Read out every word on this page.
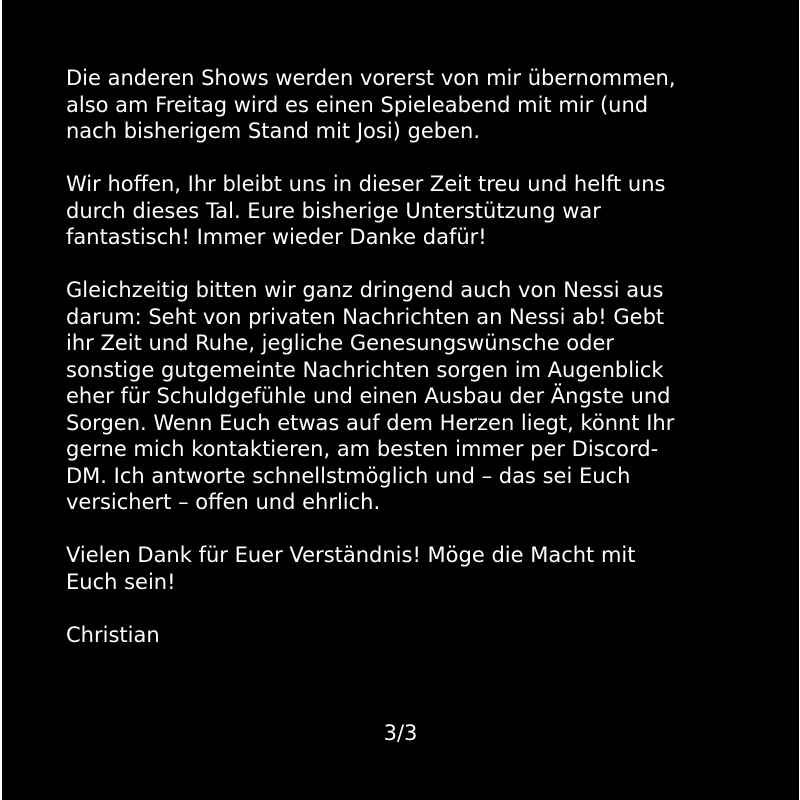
Die anderen Shows werden vorerst von mir übernommen,
also am Freitag wird es einen Spieleabend mit mir (und
nach bisherigem Stand mit Josi) geben.
Wir hoffen, Ihr bleibt uns in dieser Zeit treu und helft uns
durch dieses Tal. Eure bisherige Unterstützung war
fantastisch! Immer wieder Danke dafür!
Gleichzeitig bitten wir ganz dringend auch von Nessi aus
darum: Seht von privaten Nachrichten an Nessi ab! Gebt
ihr Zeit und Ruhe, jegliche Genesungswünsche oder
sonstige gutgemeinte Nachrichten sorgen im Augenblick
eher für Schuldgefühle und einen Ausbau der Ängste und
Sorgen. Wenn Euch etwas auf dem Herzen liegt, könnt Ihr
gerne mich kontaktieren, am besten immer per Discord-
DM. Ich antworte schnellstmöglich und – das sei Euch
versichert – offen und ehrlich.
Vielen Dank für Euer Verständnis! Möge die Macht mit
Euch sein!
Christian
3/3
